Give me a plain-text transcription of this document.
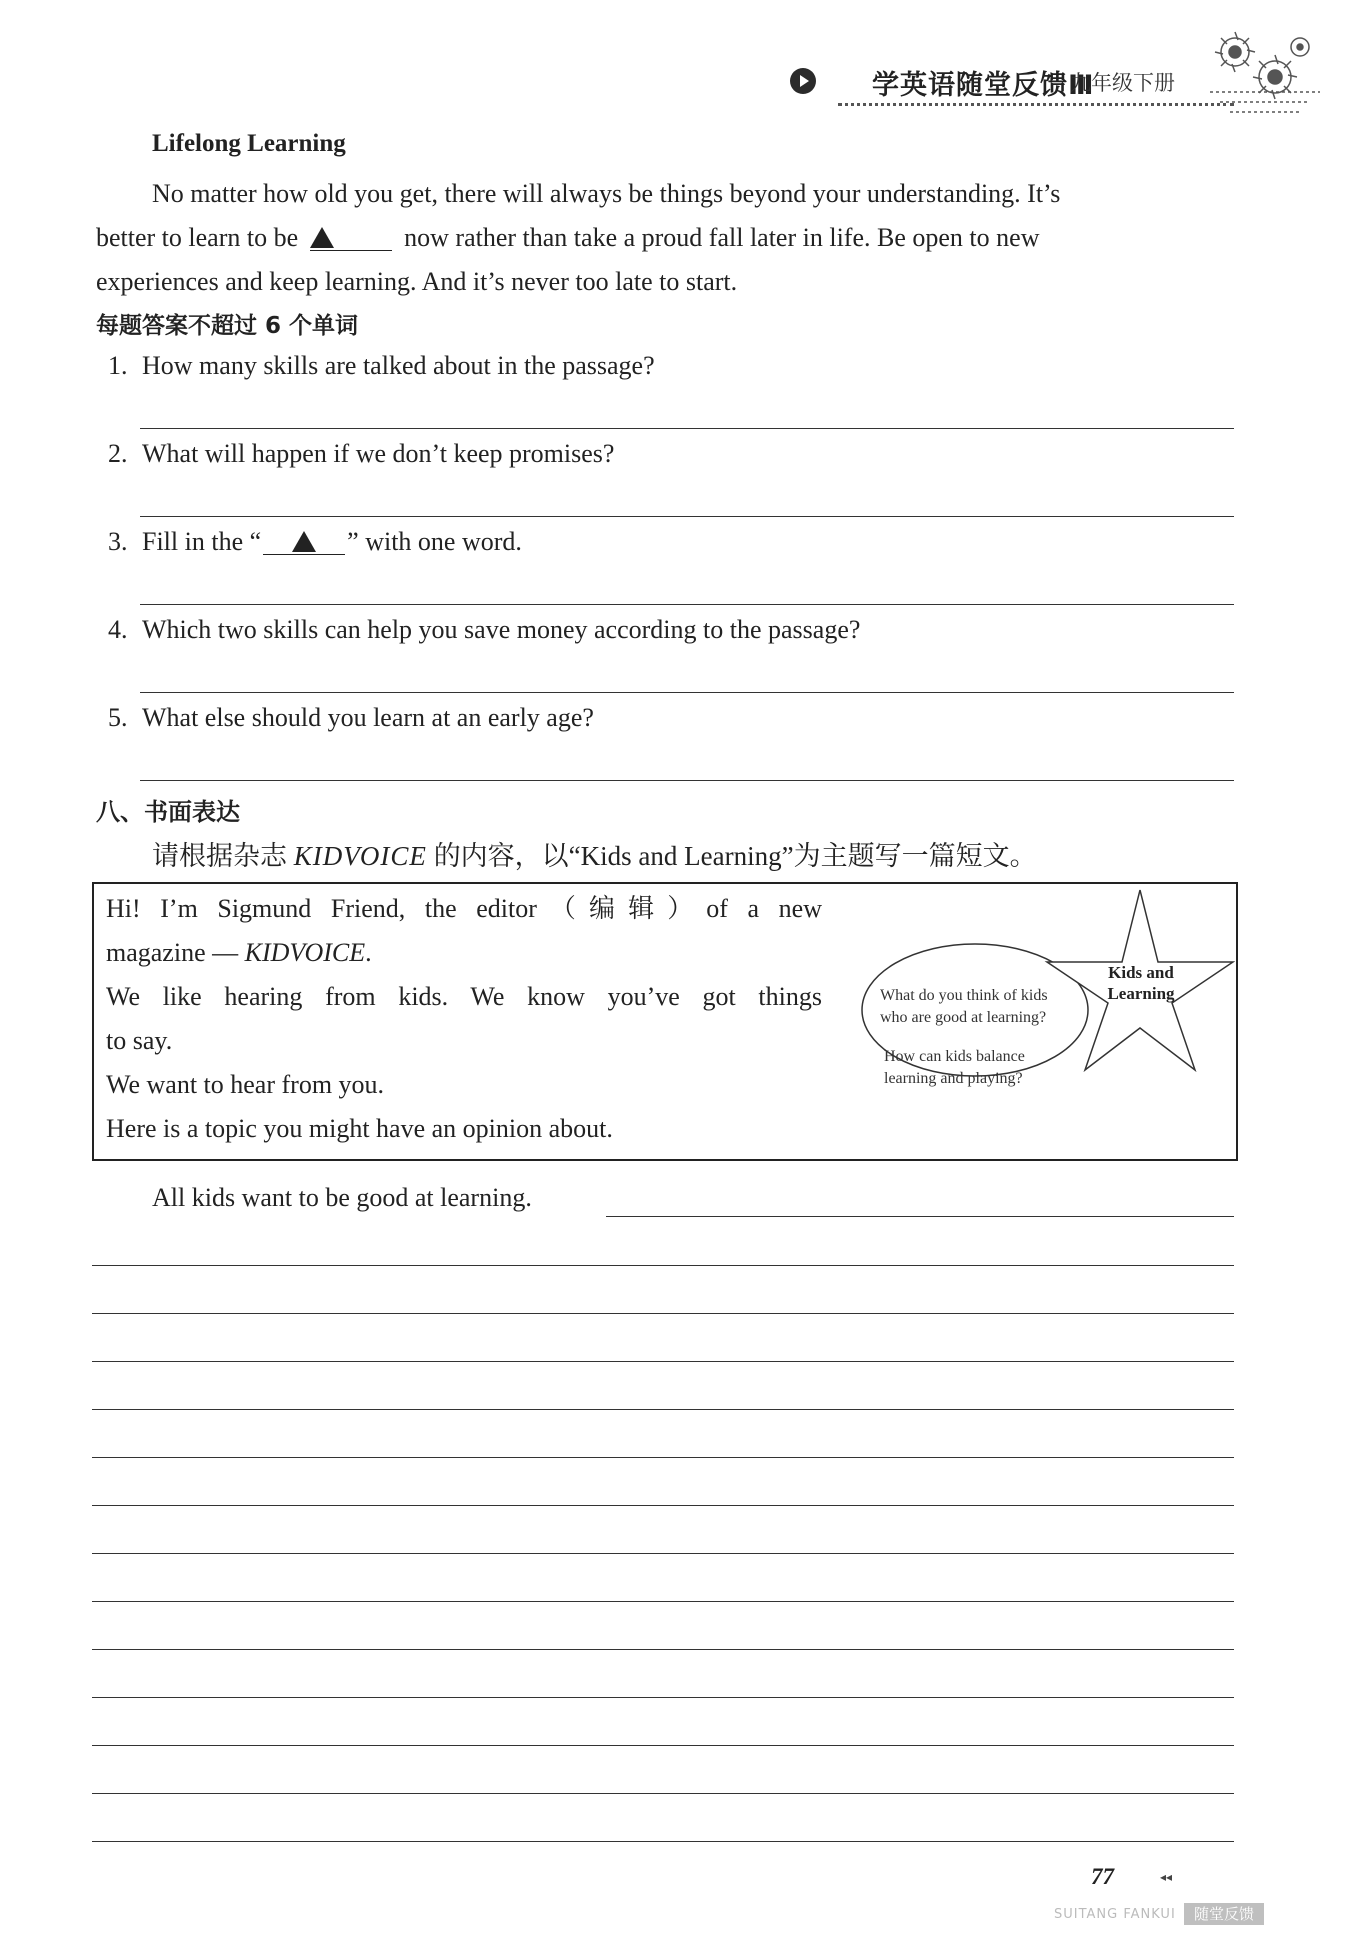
学英语随堂反馈Ⅲ
九年级下册
Lifelong Learning
No matter how old you get, there will always be things beyond your understanding. It’s
better to learn to be	now rather than take a proud fall later in life. Be open to new
experiences and keep learning. And it’s never too late to start.
每题答案不超过 6 个单词
1. How many skills are talked about in the passage?
2. What will happen if we don’t keep promises?
3. Fill in the “	” with one word.
4. Which two skills can help you save money according to the passage?
5. What else should you learn at an early age?
八、书面表达
请根据杂志 KIDVOICE 的内容，以“Kids and Learning”为主题写一篇短文。
Hi! I’m Sigmund Friend, the editor（编辑）of a new
magazine — KIDVOICE.
We like hearing from kids. We know you’ve got things
to say.
We want to hear from you.
Here is a topic you might have an opinion about.
What do you think of kids
who are good at learning?
How can kids balance
learning and playing?
Kids and
Learning
All kids want to be good at learning.
77	◂◂
SUITANG FANKUI	随堂反馈
